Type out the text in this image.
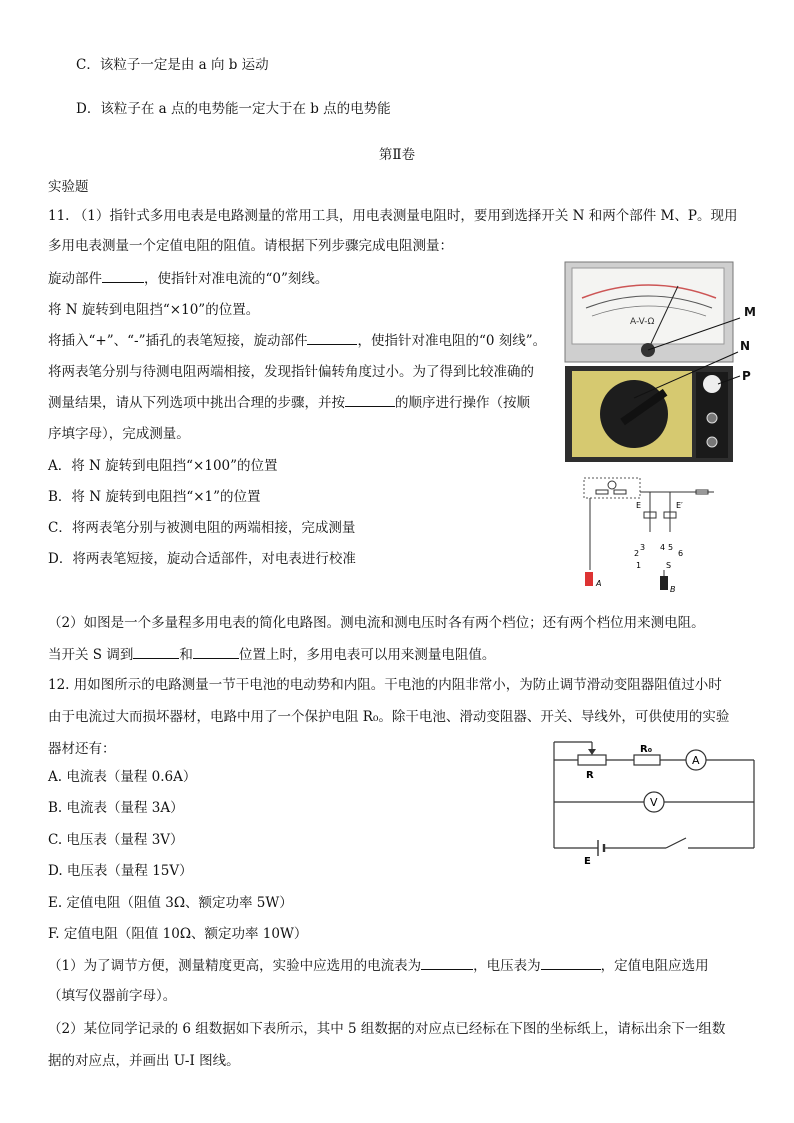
C．该粒子一定是由 a 向 b 运动
D．该粒子在 a 点的电势能一定大于在 b 点的电势能
第Ⅱ卷
实验题
11. （1）指针式多用电表是电路测量的常用工具，用电表测量电阻时，要用到选择开关 N 和两个部件 M、P。现用
多用电表测量一个定值电阻的阻值。请根据下列步骤完成电阻测量：
旋动部件	，使指针对准电流的“0”刻线。
将 N 旋转到电阻挡“×10”的位置。
将插入“+”、“-”插孔的表笔短接，旋动部件	，使指针对准电阻的“0 刻线”。
将两表笔分别与待测电阻两端相接，发现指针偏转角度过小。为了得到比较准确的
测量结果，请从下列选项中挑出合理的步骤，并按	的顺序进行操作（按顺
序填字母），完成测量。
A．将 N 旋转到电阻挡“×100”的位置
B．将 N 旋转到电阻挡“×1”的位置
C．将两表笔分别与被测电阻的两端相接，完成测量
D．将两表笔短接，旋动合适部件，对电表进行校准
（2）如图是一个多量程多用电表的简化电路图。测电流和测电压时各有两个档位；还有两个档位用来测电阻。
当开关 S 调到	和	位置上时，多用电表可以用来测量电阻值。
A-V-Ω
M
N
P
E	E′
2
3 4 5
6
1	S
A
B
12. 用如图所示的电路测量一节干电池的电动势和内阻。干电池的内阻非常小，为防止调节滑动变阻器阻值过小时
由于电流过大而损坏器材，电路中用了一个保护电阻 R₀。除干电池、滑动变阻器、开关、导线外，可供使用的实验
器材还有：
A. 电流表（量程 0.6A）
B. 电流表（量程 3A）
C. 电压表（量程 3V）
D. 电压表（量程 15V）
E. 定值电阻（阻值 3Ω、额定功率 5W）
F. 定值电阻（阻值 10Ω、额定功率 10W）
（1）为了调节方便，测量精度更高，实验中应选用的电流表为	，电压表为	，定值电阻应选用
（填写仪器前字母）。
（2）某位同学记录的 6 组数据如下表所示，其中 5 组数据的对应点已经标在下图的坐标纸上，请标出余下一组数
据的对应点，并画出 U-I 图线。
A
R
R₀
V
E
